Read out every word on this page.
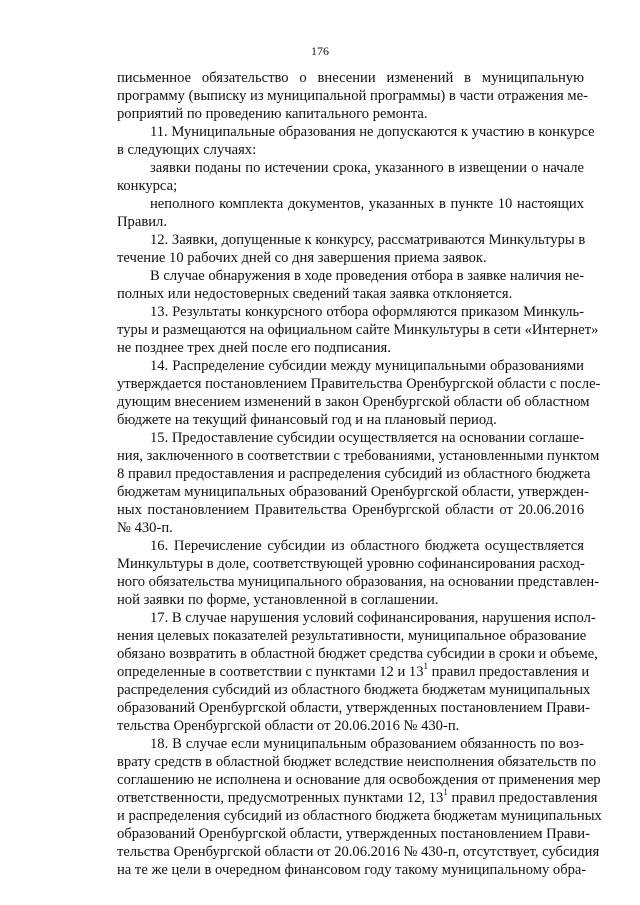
176
письменное обязательство о внесении изменений в муниципальную
программу (выписку из муниципальной программы) в части отражения ме-
роприятий по проведению капитального ремонта.
11. Муниципальные образования не допускаются к участию в конкурсе
в следующих случаях:
заявки поданы по истечении срока, указанного в извещении о начале
конкурса;
неполного комплекта документов, указанных в пункте 10 настоящих
Правил.
12. Заявки, допущенные к конкурсу, рассматриваются Минкультуры в
течение 10 рабочих дней со дня завершения приема заявок.
В случае обнаружения в ходе проведения отбора в заявке наличия не-
полных или недостоверных сведений такая заявка отклоняется.
13. Результаты конкурсного отбора оформляются приказом Минкуль-
туры и размещаются на официальном сайте Минкультуры в сети «Интернет»
не позднее трех дней после его подписания.
14. Распределение субсидии между муниципальными образованиями
утверждается постановлением Правительства Оренбургской области с после-
дующим внесением изменений в закон Оренбургской области об областном
бюджете на текущий финансовый год и на плановый период.
15. Предоставление субсидии осуществляется на основании соглаше-
ния, заключенного в соответствии с требованиями, установленными пунктом
8 правил предоставления и распределения субсидий из областного бюджета
бюджетам муниципальных образований Оренбургской области, утвержден-
ных постановлением Правительства Оренбургской области от 20.06.2016
№ 430-п.
16. Перечисление субсидии из областного бюджета осуществляется
Минкультуры в доле, соответствующей уровню софинансирования расход-
ного обязательства муниципального образования, на основании представлен-
ной заявки по форме, установленной в соглашении.
17. В случае нарушения условий софинансирования, нарушения испол-
нения целевых показателей результативности, муниципальное образование
обязано возвратить в областной бюджет средства субсидии в сроки и объеме,
определенные в соответствии с пунктами 12 и $13^1$ правил предоставления и
распределения субсидий из областного бюджета бюджетам муниципальных
образований Оренбургской области, утвержденных постановлением Прави-
тельства Оренбургской области от 20.06.2016 № 430-п.
18. В случае если муниципальным образованием обязанность по воз-
врату средств в областной бюджет вследствие неисполнения обязательств по
соглашению не исполнена и основание для освобождения от применения мер
ответственности, предусмотренных пунктами 12, $13^1$ правил предоставления
и распределения субсидий из областного бюджета бюджетам муниципальных
образований Оренбургской области, утвержденных постановлением Прави-
тельства Оренбургской области от 20.06.2016 № 430-п, отсутствует, субсидия
на те же цели в очередном финансовом году такому муниципальному обра-
